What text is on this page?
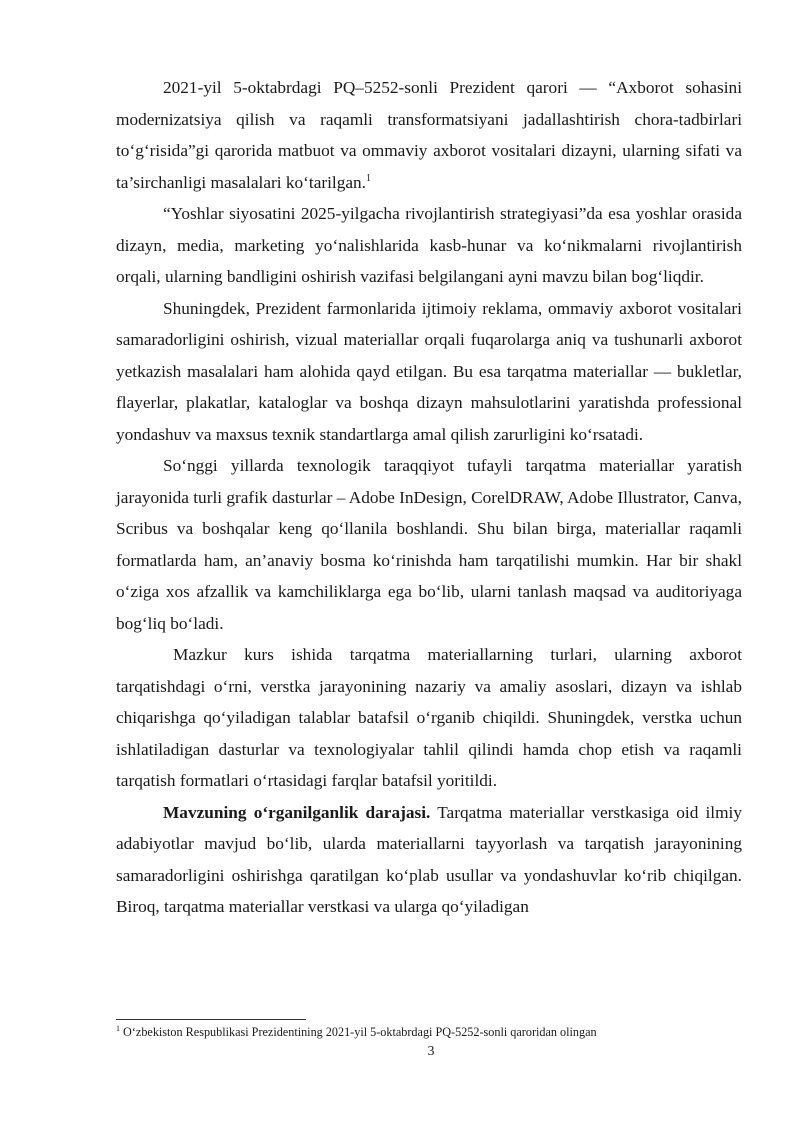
2021-yil 5-oktabrdagi PQ–5252-sonli Prezident qarori — “Axborot sohasini modernizatsiya qilish va raqamli transformatsiyani jadallashtirish chora-tadbirlari to‘g‘risida”gi qarorida matbuot va ommaviy axborot vositalari dizayni, ularning sifati va ta’sirchanligi masalalari ko‘tarilgan.$^1$

“Yoshlar siyosatini 2025-yilgacha rivojlantirish strategiyasi”da esa yoshlar orasida dizayn, media, marketing yo‘nalishlarida kasb-hunar va ko‘nikmalarni rivojlantirish orqali, ularning bandligini oshirish vazifasi belgilangani ayni mavzu bilan bog‘liqdir.

Shuningdek, Prezident farmonlarida ijtimoiy reklama, ommaviy axborot vositalari samaradorligini oshirish, vizual materiallar orqali fuqarolarga aniq va tushunarli axborot yetkazish masalalari ham alohida qayd etilgan. Bu esa tarqatma materiallar — bukletlar, flayerlar, plakatlar, kataloglar va boshqa dizayn mahsulotlarini yaratishda professional yondashuv va maxsus texnik standartlarga amal qilish zarurligini ko‘rsatadi.

So‘nggi yillarda texnologik taraqqiyot tufayli tarqatma materiallar yaratish jarayonida turli grafik dasturlar – Adobe InDesign, CorelDRAW, Adobe Illustrator, Canva, Scribus va boshqalar keng qo‘llanila boshlandi. Shu bilan birga, materiallar raqamli formatlarda ham, an’anaviy bosma ko‘rinishda ham tarqatilishi mumkin. Har bir shakl o‘ziga xos afzallik va kamchiliklarga ega bo‘lib, ularni tanlash maqsad va auditoriyaga bog‘liq bo‘ladi.

Mazkur kurs ishida tarqatma materiallarning turlari, ularning axborot tarqatishdagi o‘rni, verstka jarayonining nazariy va amaliy asoslari, dizayn va ishlab chiqarishga qo‘yiladigan talablar batafsil o‘rganib chiqildi. Shuningdek, verstka uchun ishlatiladigan dasturlar va texnologiyalar tahlil qilindi hamda chop etish va raqamli tarqatish formatlari o‘rtasidagi farqlar batafsil yoritildi.

Mavzuning o‘rganilganlik darajasi. Tarqatma materiallar verstkasiga oid ilmiy adabiyotlar mavjud bo‘lib, ularda materiallarni tayyorlash va tarqatish jarayonining samaradorligini oshirishga qaratilgan ko‘plab usullar va yondashuvlar ko‘rib chiqilgan. Biroq, tarqatma materiallar verstkasi va ularga qo‘yiladigan

$^1$ O‘zbekiston Respublikasi Prezidentining 2021-yil 5-oktabrdagi PQ-5252-sonli qaroridan olingan

3
